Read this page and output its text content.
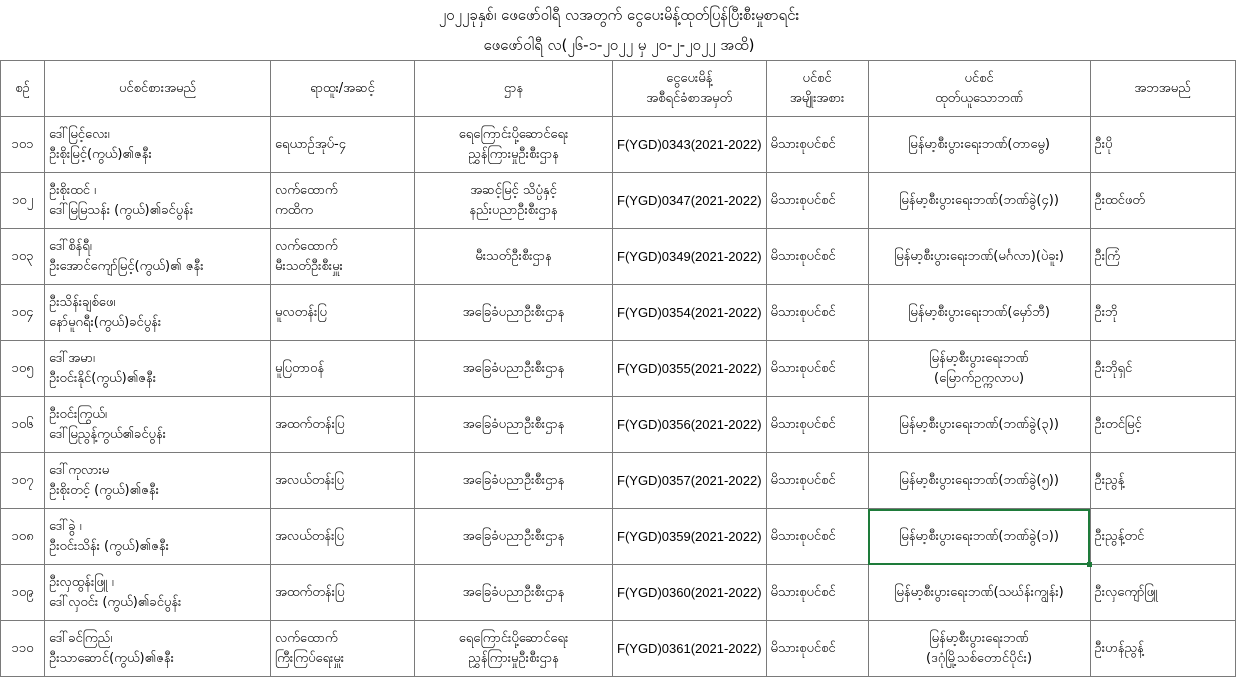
၂၀၂၂ခုနှစ်၊ ဖေဖော်ဝါရီ လအတွက် ငွေပေးမိန့်ထုတ်ပြန်ပြီးစီးမှုစာရင်း
ဖေဖော်ဝါရီ လ(၂၆-၁-၂၀၂၂ မှ ၂၀-၂-၂၀၂၂ အထိ)
စဉ်	ပင်စင်စားအမည်	ရာထူး/အဆင့်	ဌာန	ငွေပေးမိန့်
အစီရင်ခံစာအမှတ်	ပင်စင်
အမျိုးအစား	ပင်စင်
ထုတ်ယူသောဘဏ်	အဘအမည်
၁၀၁	ဒေါ်မြင့်လေး၊
ဦးစိုးမြင့်(ကွယ်)၏ဇနီး	ရေယာဉ်အုပ်-၄	ရေကြောင်းပို့ဆောင်ရေး
ညွှန်ကြားမှုဦးစီးဌာန	F(YGD)0343(2021-2022)	မိသားစုပင်စင်	မြန်မာ့စီးပွားရေးဘဏ်(တာမွေ)	ဦးပို
၁၀၂	ဦးစိုးထင် ၊
ဒေါ်မြမြသန်း (ကွယ်)၏ခင်ပွန်း	လက်ထောက်
ကထိက	အဆင့်မြင့် သိပ္ပံနှင့်
နည်းပညာဦးစီးဌာန	F(YGD)0347(2021-2022)	မိသားစုပင်စင်	မြန်မာ့စီးပွားရေးဘဏ်(ဘဏ်ခွဲ(၄))	ဦးထင်ဖတ်
၁၀၃	ဒေါ်စိန်ရီ၊
ဦးအောင်ကျော်မြင့်(ကွယ်)၏ ဇနီး	လက်ထောက်
မီးသတ်ဦးစီးမှူး	မီးသတ်ဦးစီးဌာန	F(YGD)0349(2021-2022)	မိသားစုပင်စင်	မြန်မာ့စီးပွားရေးဘဏ်(မင်္ဂလာ)(ပဲခူး)	ဦးကြံ
၁၀၄	ဦးသိန်းချစ်ဖေ၊
နော်မူဂရီး(ကွယ်)ခင်ပွန်း	မူလတန်းပြ	အခြေခံပညာဦးစီးဌာန	F(YGD)0354(2021-2022)	မိသားစုပင်စင်	မြန်မာ့စီးပွားရေးဘဏ်(မှော်ဘီ)	ဦးဘို
၁၀၅	ဒေါ်အမာ၊
ဦးဝင်းနိုင်(ကွယ်)၏ဇနီး	မူပြတာဝန်	အခြေခံပညာဦးစီးဌာန	F(YGD)0355(2021-2022)	မိသားစုပင်စင်	မြန်မာ့စီးပွားရေးဘဏ်
(မြောက်ဥက္ကလာပ)	ဦးဘိုရှင်
၁၀၆	ဦးဝင်းကြွယ်၊
ဒေါ်မြညွန့်ကွယ်၏ခင်ပွန်း	အထက်တန်းပြ	အခြေခံပညာဦးစီးဌာန	F(YGD)0356(2021-2022)	မိသားစုပင်စင်	မြန်မာ့စီးပွားရေးဘဏ်(ဘဏ်ခွဲ(၃))	ဦးတင်မြင့်
၁၀၇	ဒေါ်ကုလားမ
ဦးစိုးတင့် (ကွယ်)၏ဇနီး	အလယ်တန်းပြ	အခြေခံပညာဦးစီးဌာန	F(YGD)0357(2021-2022)	မိသားစုပင်စင်	မြန်မာ့စီးပွားရေးဘဏ်(ဘဏ်ခွဲ(၅))	ဦးညွန့်
၁၀၈	ဒေါ်ခွဲ ၊
ဦးဝင်းသိန်း (ကွယ်)၏ဇနီး	အလယ်တန်းပြ	အခြေခံပညာဦးစီးဌာန	F(YGD)0359(2021-2022)	မိသားစုပင်စင်	မြန်မာ့စီးပွားရေးဘဏ်(ဘဏ်ခွဲ(၁))	ဦးညွန့်တင်
၁၀၉	ဦးလှထွန်းဖြူ ၊
ဒေါ်လှဝင်း (ကွယ်)၏ခင်ပွန်း	အထက်တန်းပြ	အခြေခံပညာဦးစီးဌာန	F(YGD)0360(2021-2022)	မိသားစုပင်စင်	မြန်မာ့စီးပွားရေးဘဏ်(သဃ်န်းကျွန်း)	ဦးလှကျော်ဖြူ
၁၁၀	ဒေါ်ခင်ကြည်၊
ဦးသာဆောင်(ကွယ်)၏ဇနီး	လက်ထောက်
ကြီးကြပ်ရေးမှူး	ရေကြောင်းပို့ဆောင်ရေး
ညွှန်ကြားမှုဦးစီးဌာန	F(YGD)0361(2021-2022)	မိသားစုပင်စင်	မြန်မာ့စီးပွားရေးဘဏ်
(ဒဂုံမြို့သစ်တောင်ပိုင်း)	ဦးဟန်ညွန့်
